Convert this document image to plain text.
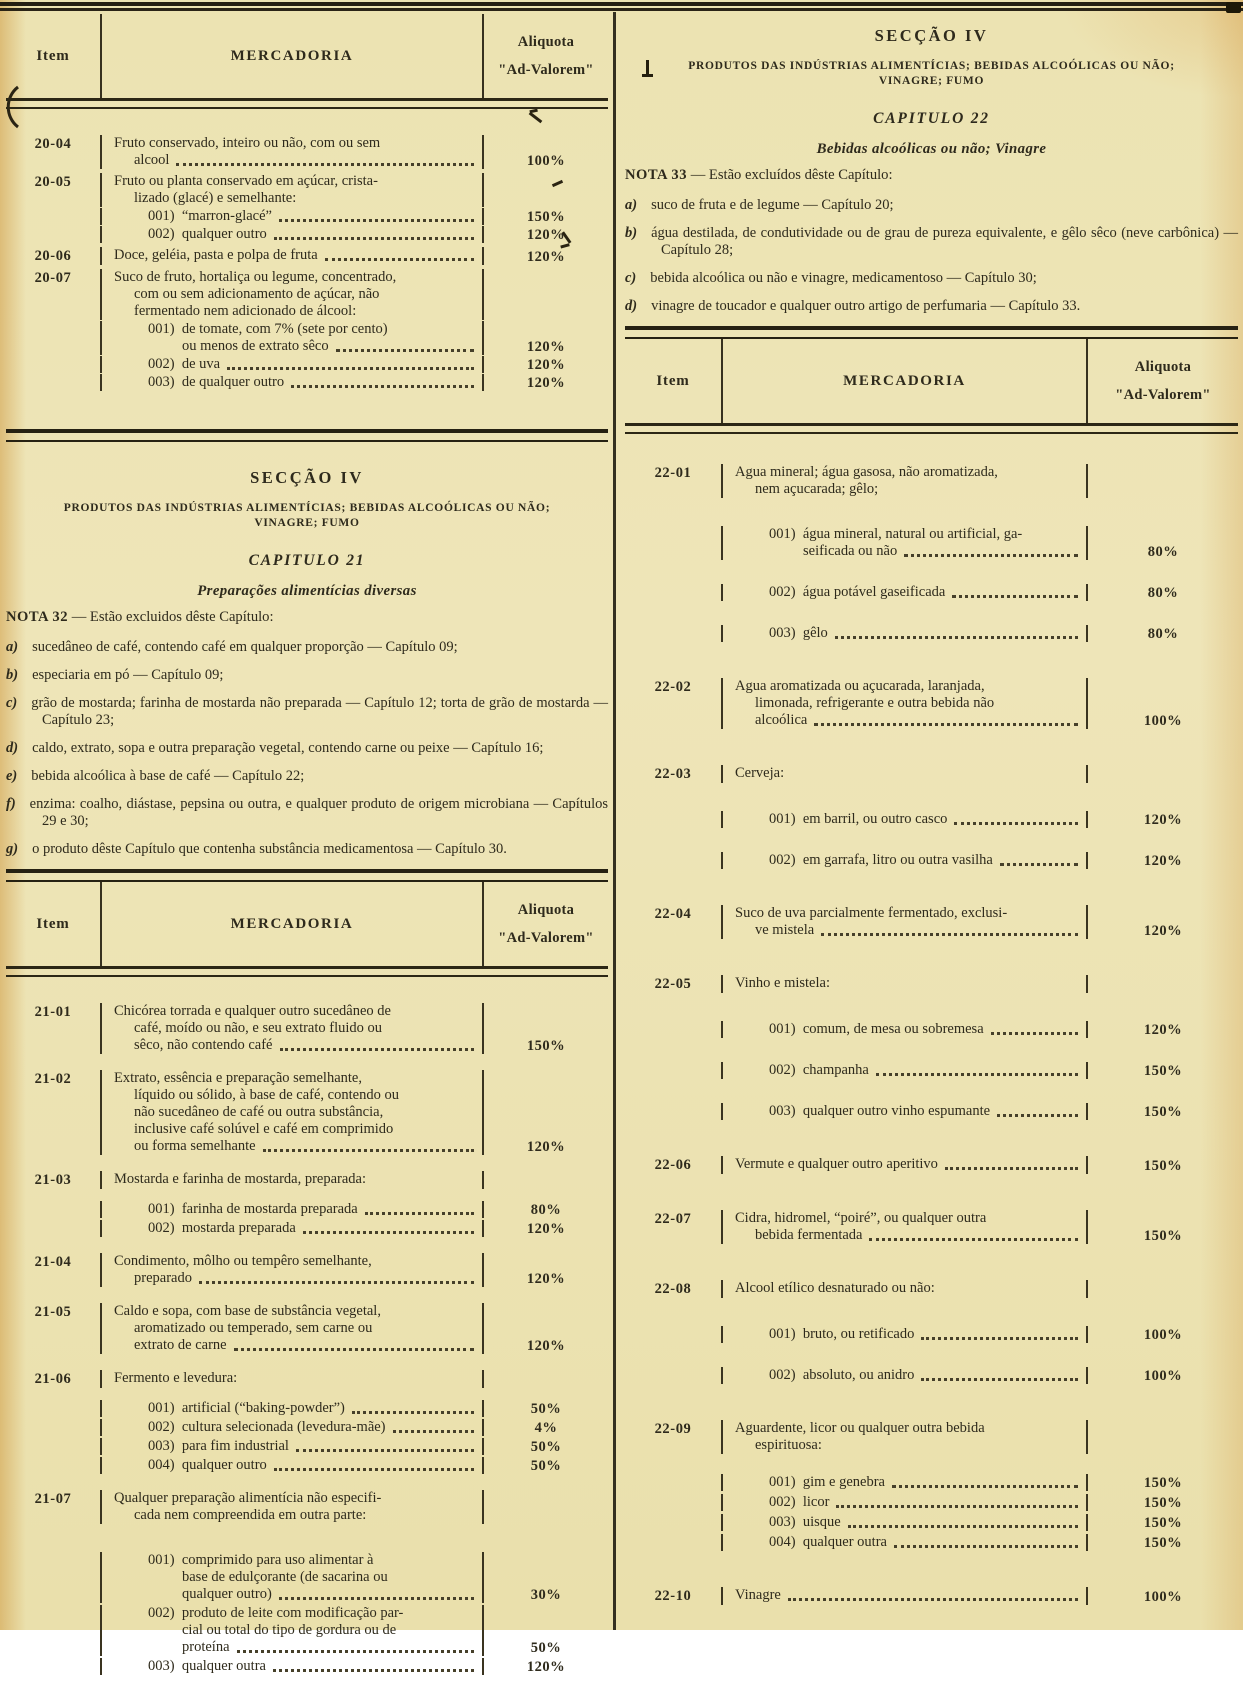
Item	MERCADORIA
Aliquota
"Ad-Valorem"
20-04	Fruto conservado, inteiro ou não, com ou sem
alcool	100%
20-05	Fruto ou planta conservado em açúcar, crista-
lizado (glacé) e semelhante:
001) “marron-glacé”	150%
002) qualquer outro	120%
20-06	Doce, geléia, pasta e polpa de fruta	120%
20-07	Suco de fruto, hortaliça ou legume, concentrado,
com ou sem adicionamento de açúcar, não
fermentado nem adicionado de álcool:
001) de tomate, com 7% (sete por cento)
ou menos de extrato sêco	120%
002) de uva	120%
003) de qualquer outro	120%
SECÇÃO IV
PRODUTOS DAS INDÚSTRIAS ALIMENTÍCIAS; BEBIDAS ALCOÓLICAS OU NÃO; VINAGRE; FUMO
CAPITULO 21
Preparações alimentícias diversas
NOTA 32 — Estão excluidos dêste Capítulo:
a) sucedâneo de café, contendo café em qualquer proporção — Capítulo 09;
b) especiaria em pó — Capítulo 09;
c) grão de mostarda; farinha de mostarda não preparada — Capítulo 12; torta de grão de mostarda — Capítulo 23;
d) caldo, extrato, sopa e outra preparação vegetal, contendo carne ou peixe — Capítulo 16;
e) bebida alcoólica à base de café — Capítulo 22;
f) enzima: coalho, diástase, pepsina ou outra, e qualquer produto de origem microbiana — Capítulos 29 e 30;
g) o produto dêste Capítulo que contenha substância medicamentosa — Capítulo 30.
Item	MERCADORIA
Aliquota
"Ad-Valorem"
21-01	Chicórea torrada e qualquer outro sucedâneo de
café, moído ou não, e seu extrato fluido ou
sêco, não contendo café	150%
21-02	Extrato, essência e preparação semelhante,
líquido ou sólido, à base de café, contendo ou
não sucedâneo de café ou outra substância,
inclusive café solúvel e café em comprimido
ou forma semelhante	120%
21-03	Mostarda e farinha de mostarda, preparada:
001) farinha de mostarda preparada	80%
002) mostarda preparada	120%
21-04	Condimento, môlho ou tempêro semelhante,
preparado	120%
21-05	Caldo e sopa, com base de substância vegetal,
aromatizado ou temperado, sem carne ou
extrato de carne	120%
21-06	Fermento e levedura:
001) artificial (“baking-powder”)	50%
002) cultura selecionada (levedura-mãe)	4%
003) para fim industrial	50%
004) qualquer outro	50%
21-07	Qualquer preparação alimentícia não especifi-
cada nem compreendida em outra parte:
001) comprimido para uso alimentar à
base de edulçorante (de sacarina ou
qualquer outro)	30%
002) produto de leite com modificação par-
cial ou total do tipo de gordura ou de
proteína	50%
003) qualquer outra	120%
SECÇÃO IV
PRODUTOS DAS INDÚSTRIAS ALIMENTÍCIAS; BEBIDAS ALCOÓLICAS OU NÃO; VINAGRE; FUMO
CAPITULO 22
Bebidas alcoólicas ou não; Vinagre
NOTA 33 — Estão excluídos dêste Capítulo:
a) suco de fruta e de legume — Capítulo 20;
b) água destilada, de condutividade ou de grau de pureza equivalente, e gêlo sêco (neve carbônica) — Capítulo 28;
c) bebida alcoólica ou não e vinagre, medicamentoso — Capítulo 30;
d) vinagre de toucador e qualquer outro artigo de perfumaria — Capítulo 33.
Item	MERCADORIA
Aliquota
"Ad-Valorem"
22-01	Agua mineral; água gasosa, não aromatizada,
nem açucarada; gêlo;
001) água mineral, natural ou artificial, ga-
seificada ou não	80%
002) água potável gaseificada	80%
003) gêlo	80%
22-02	Agua aromatizada ou açucarada, laranjada,
limonada, refrigerante e outra bebida não
alcoólica	100%
22-03	Cerveja:
001) em barril, ou outro casco	120%
002) em garrafa, litro ou outra vasilha	120%
22-04	Suco de uva parcialmente fermentado, exclusi-
ve mistela	120%
22-05	Vinho e mistela:
001) comum, de mesa ou sobremesa	120%
002) champanha	150%
003) qualquer outro vinho espumante	150%
22-06	Vermute e qualquer outro aperitivo	150%
22-07	Cidra, hidromel, “poiré”, ou qualquer outra
bebida fermentada	150%
22-08	Alcool etílico desnaturado ou não:
001) bruto, ou retificado	100%
002) absoluto, ou anidro	100%
22-09	Aguardente, licor ou qualquer outra bebida
espirituosa:
001) gim e genebra	150%
002) licor	150%
003) uisque	150%
004) qualquer outra	150%
22-10	Vinagre	100%
